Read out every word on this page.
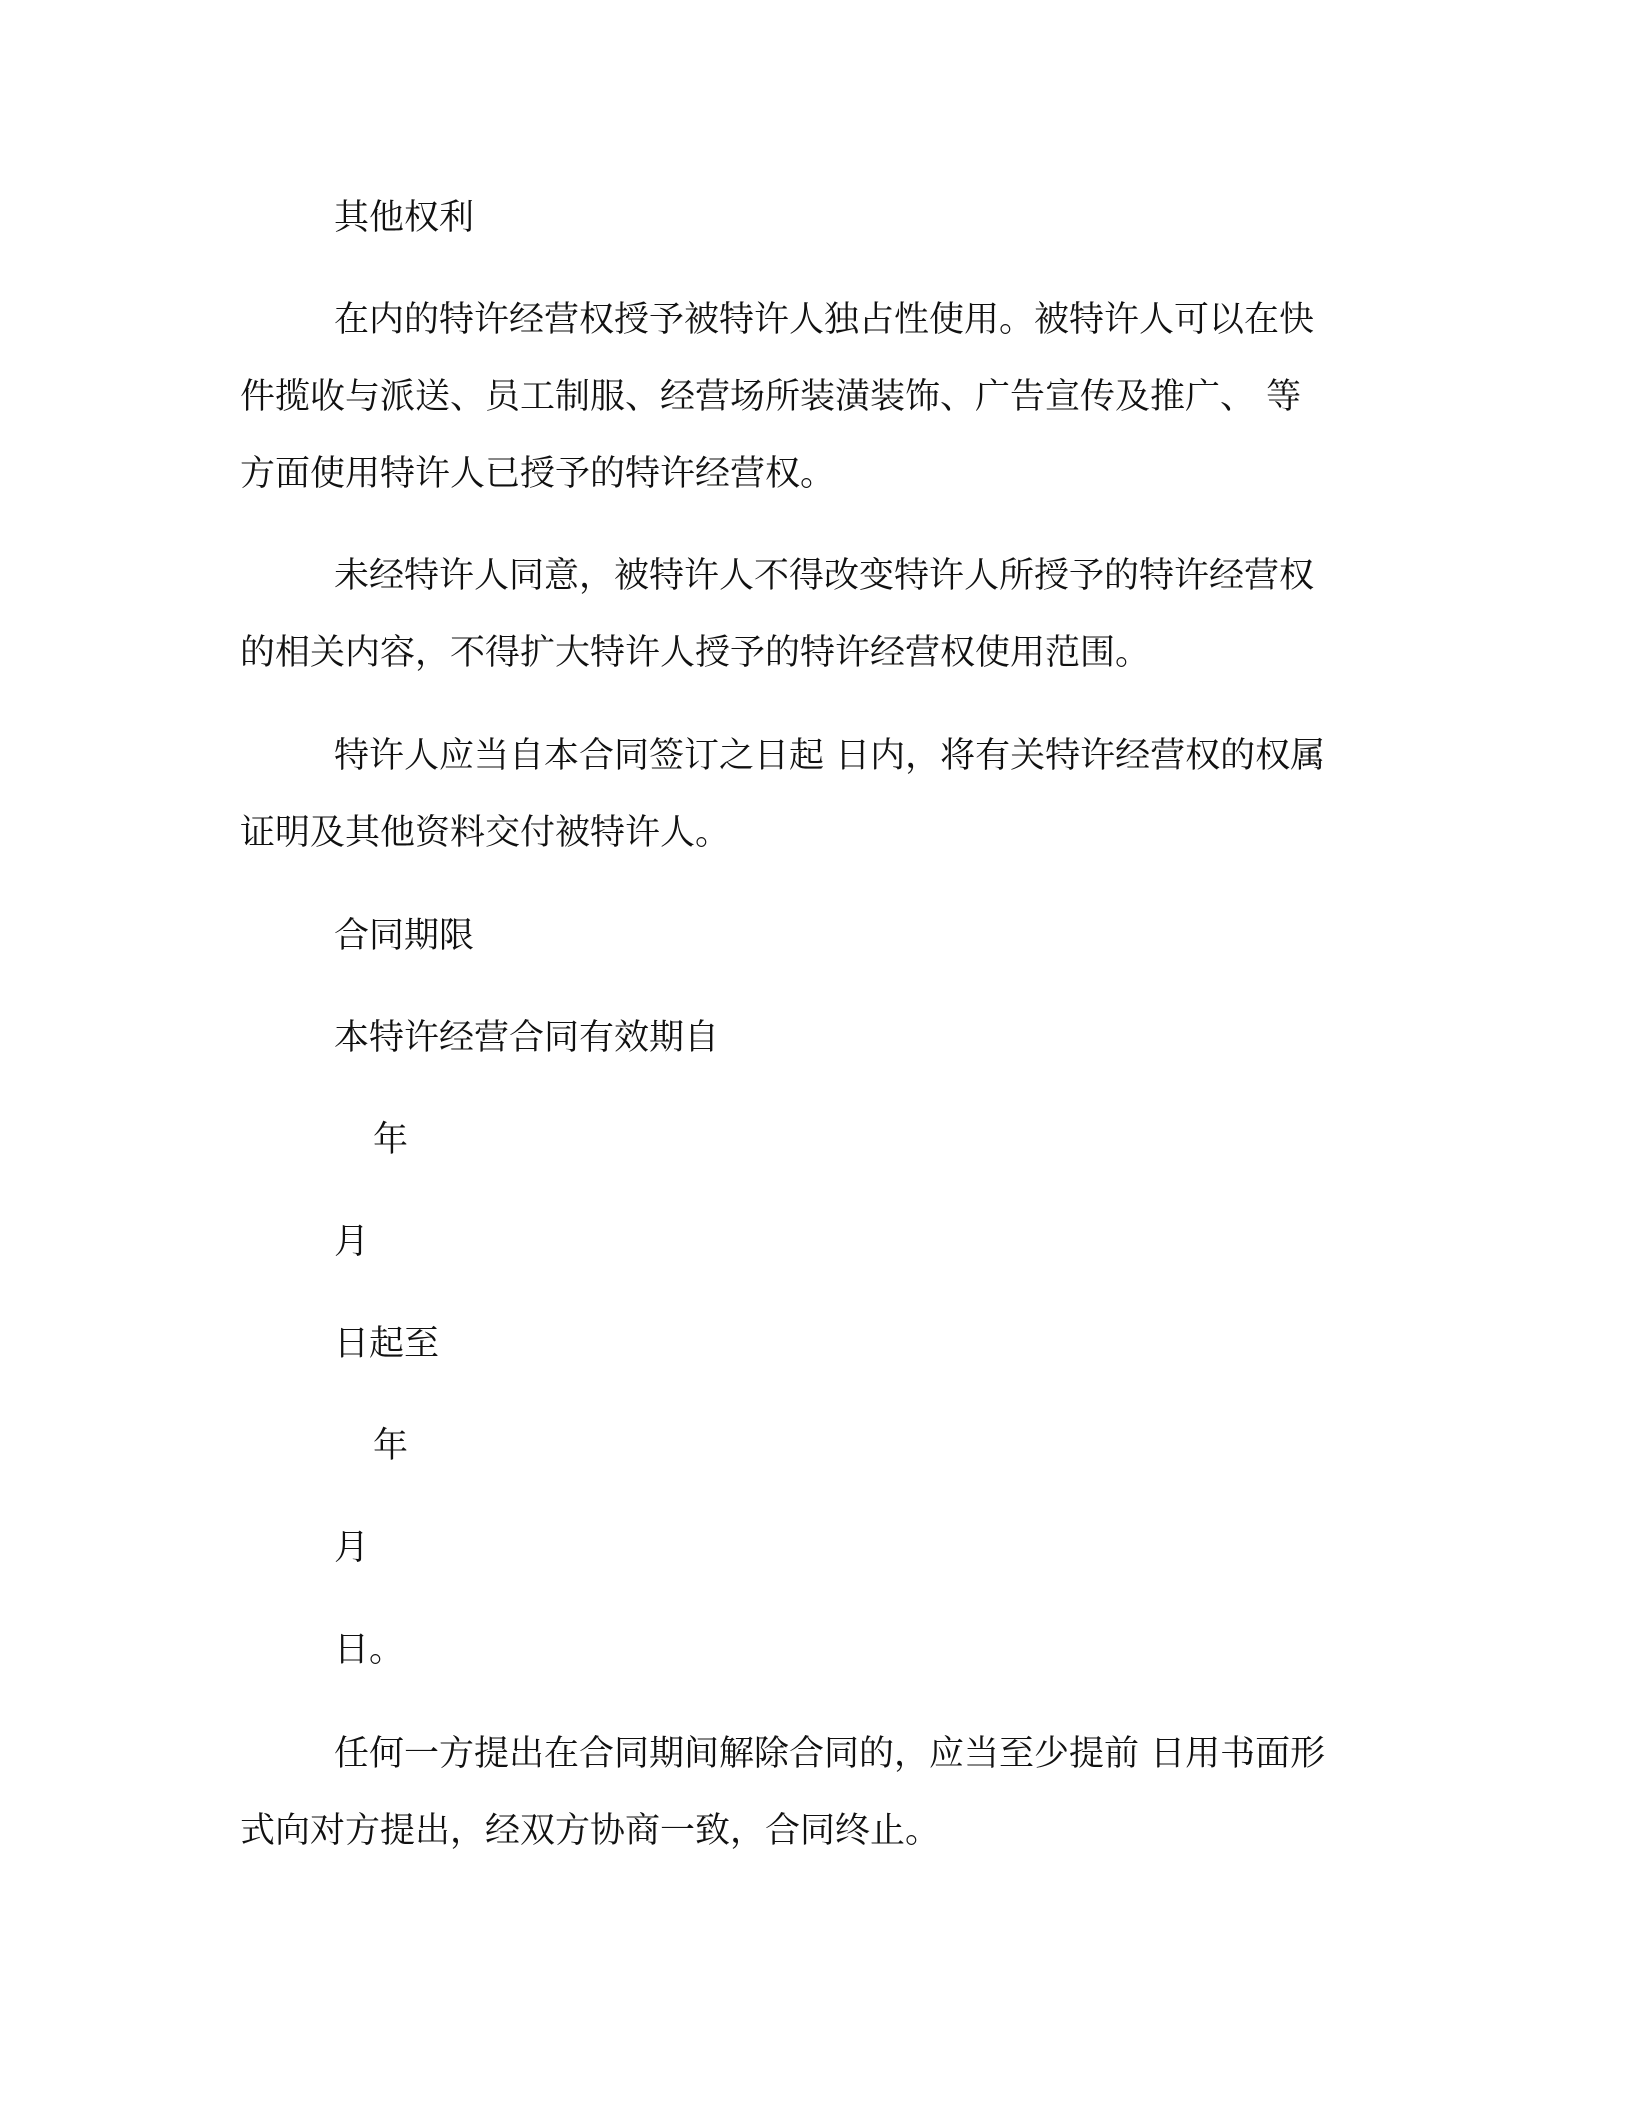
其他权利
在内的特许经营权授予被特许人独占性使用。被特许人可以在快
件揽收与派送、员工制服、经营场所装潢装饰、广告宣传及推广、 等
方面使用特许人已授予的特许经营权。
未经特许人同意，被特许人不得改变特许人所授予的特许经营权
的相关内容，不得扩大特许人授予的特许经营权使用范围。
特许人应当自本合同签订之日起 日内，将有关特许经营权的权属
证明及其他资料交付被特许人。
合同期限
本特许经营合同有效期自
年
月
日起至
年
月
日。
任何一方提出在合同期间解除合同的，应当至少提前 日用书面形
式向对方提出，经双方协商一致，合同终止。
